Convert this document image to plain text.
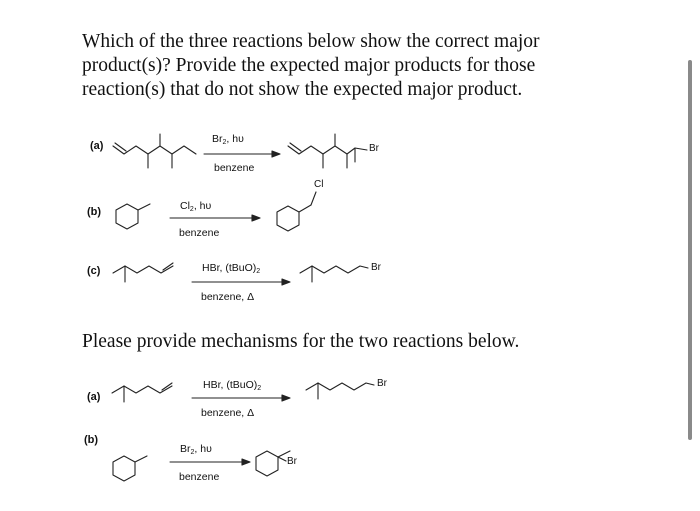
Which of the three reactions below show the correct major product(s)? Provide the expected major products for those reaction(s) that do not show the expected major product.
(a)
$Br_2$, hυ
benzene
Br
(b)	$Cl_2$, hυ
benzene
Cl
(c)	HBr, $(tBuO)_2$
benzene, Δ
Br
Please provide mechanisms for the two reactions below.
(a)
HBr, $(tBuO)_2$
benzene, Δ
Br
(b)
$Br_2$, hυ
benzene
Br
